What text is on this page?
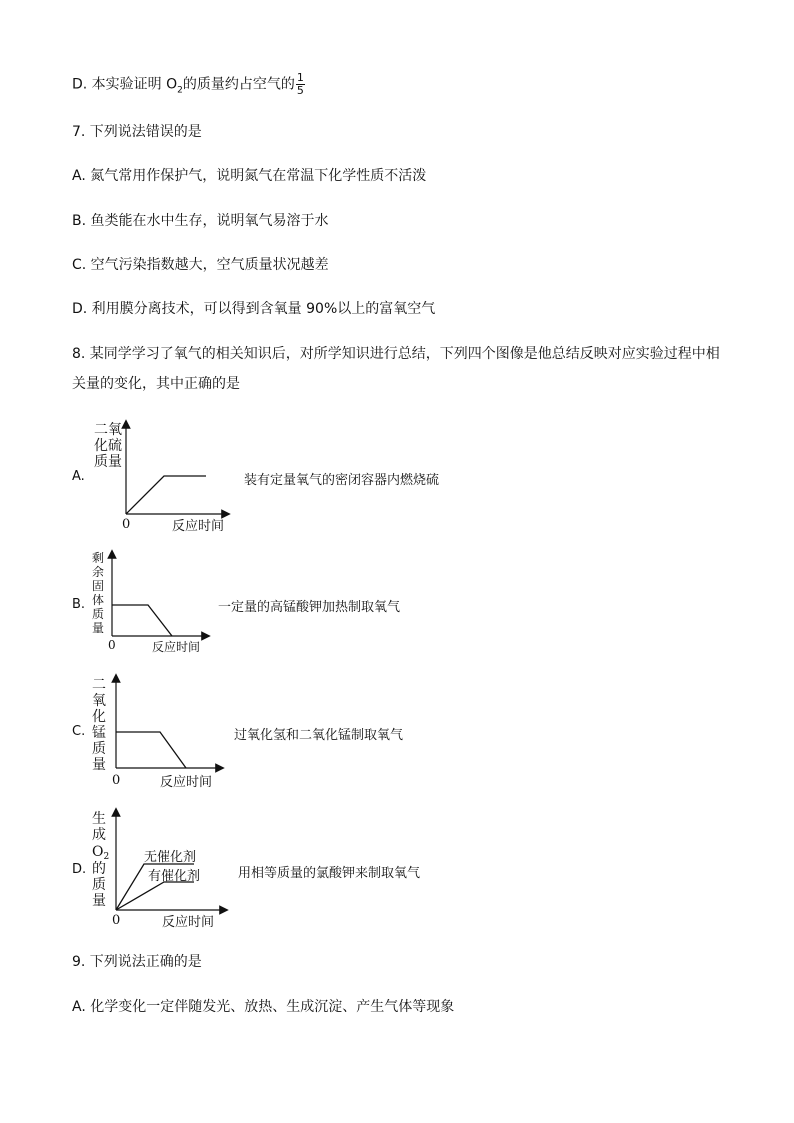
D. 本实验证明 $O_2$的质量约占空气的 $\frac{1}{5}$
7. 下列说法错误的是
A. 氮气常用作保护气，说明氮气在常温下化学性质不活泼
B. 鱼类能在水中生存，说明氧气易溶于水
C. 空气污染指数越大，空气质量状况越差
D. 利用膜分离技术，可以得到含氧量 90%以上的富氧空气
8. 某同学学习了氧气的相关知识后，对所学知识进行总结，下列四个图像是他总结反映对应实验过程中相
关量的变化，其中正确的是
A.
二氧
化硫
质量
0	反应时间
装有定量氧气的密闭容器内燃烧硫
B.
剩
余
固
体
质
量
0	反应时间
一定量的高锰酸钾加热制取氧气
C.
二
氧
化
锰
质
量
0	反应时间
过氧化氢和二氧化锰制取氧气
D.
生
成
$O_2$
的
质
量
无催化剂
有催化剂
0	反应时间
用相等质量的氯酸钾来制取氧气
9. 下列说法正确的是
A. 化学变化一定伴随发光、放热、生成沉淀、产生气体等现象
